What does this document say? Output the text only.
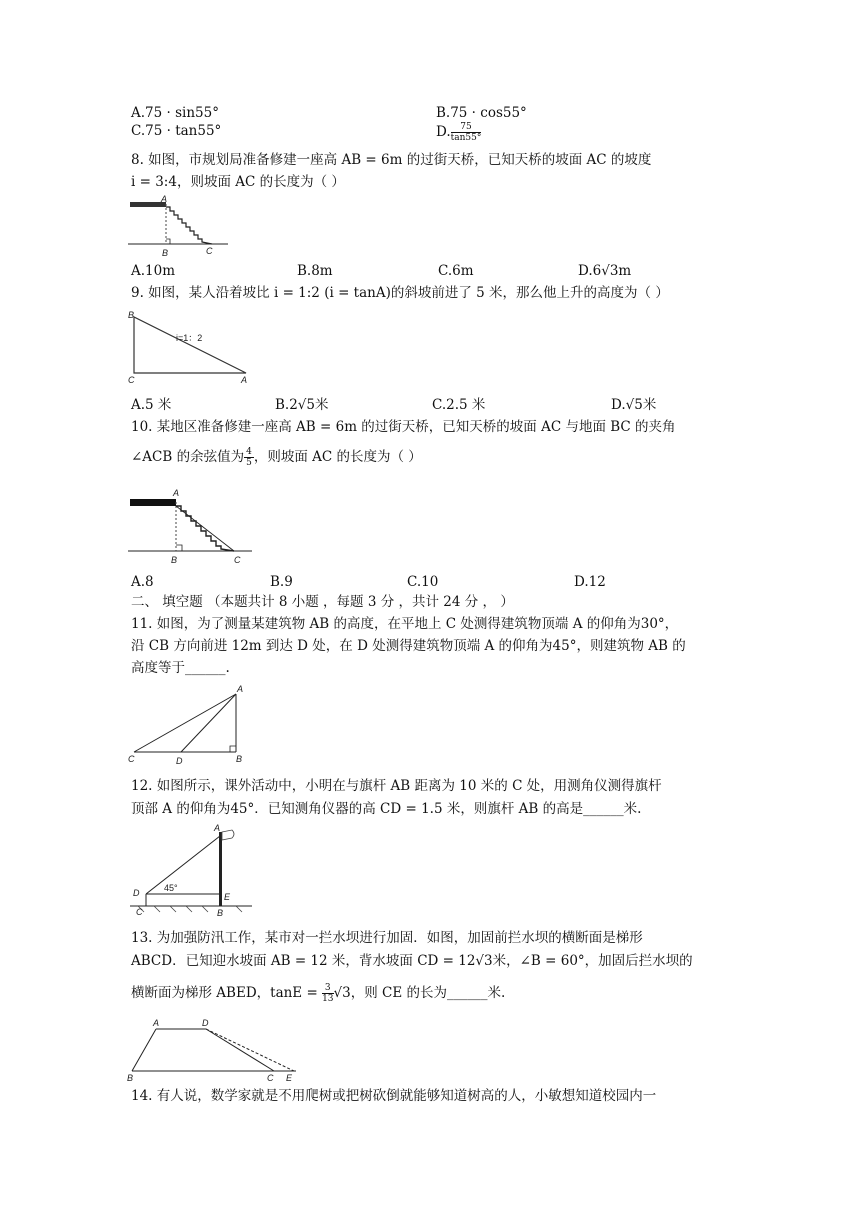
A.75 · sin55°	B.75 · cos55°
C.75 · tan55°	D. $\frac{75}{\tan 55^\circ}$
8. 如图，市规划局准备修建一座高 AB = 6m 的过街天桥，已知天桥的坡面 AC 的坡度
i = 3:4，则坡面 AC 的长度为（ ）
A
B	C
A.10m	B.8m	C.6m	D.6√3m
9. 如图，某人沿着坡比 i = 1:2 (i = tanA)的斜坡前进了 5 米，那么他上升的高度为（ ）
B
C	A
i=1：2
A.5 米	B.2√5米	C.2.5 米	D.√5米
10. 某地区准备修建一座高 AB = 6m 的过街天桥，已知天桥的坡面 AC 与地面 BC 的夹角
∠ACB 的余弦值为 $\frac{4}{5}$ ，则坡面 AC 的长度为（ ）
A
B	C
A.8	B.9	C.10	D.12
二、 填空题 （本题共计 8 小题 ，每题 3 分 ，共计 24 分 ， ）
11. 如图，为了测量某建筑物 AB 的高度，在平地上 C 处测得建筑物顶端 A 的仰角为30°，
沿 CB 方向前进 12m 到达 D 处，在 D 处测得建筑物顶端 A 的仰角为45°，则建筑物 AB 的
高度等于______.
A
C	D	B
12. 如图所示，课外活动中，小明在与旗杆 AB 距离为 10 米的 C 处，用测角仪测得旗杆
顶部 A 的仰角为45°．已知测角仪器的高 CD = 1.5 米，则旗杆 AB 的高是______米.
A
D	E
C	B
45°
13. 为加强防汛工作，某市对一拦水坝进行加固．如图，加固前拦水坝的横断面是梯形
ABCD．已知迎水坡面 AB = 12 米，背水坡面 CD = 12√3米，∠B = 60°，加固后拦水坝的
横断面为梯形 ABED，$\tan E = \frac{3}{13} √3$，则 CE 的长为______米.
A	D
B	C E
14. 有人说，数学家就是不用爬树或把树砍倒就能够知道树高的人，小敏想知道校园内一
